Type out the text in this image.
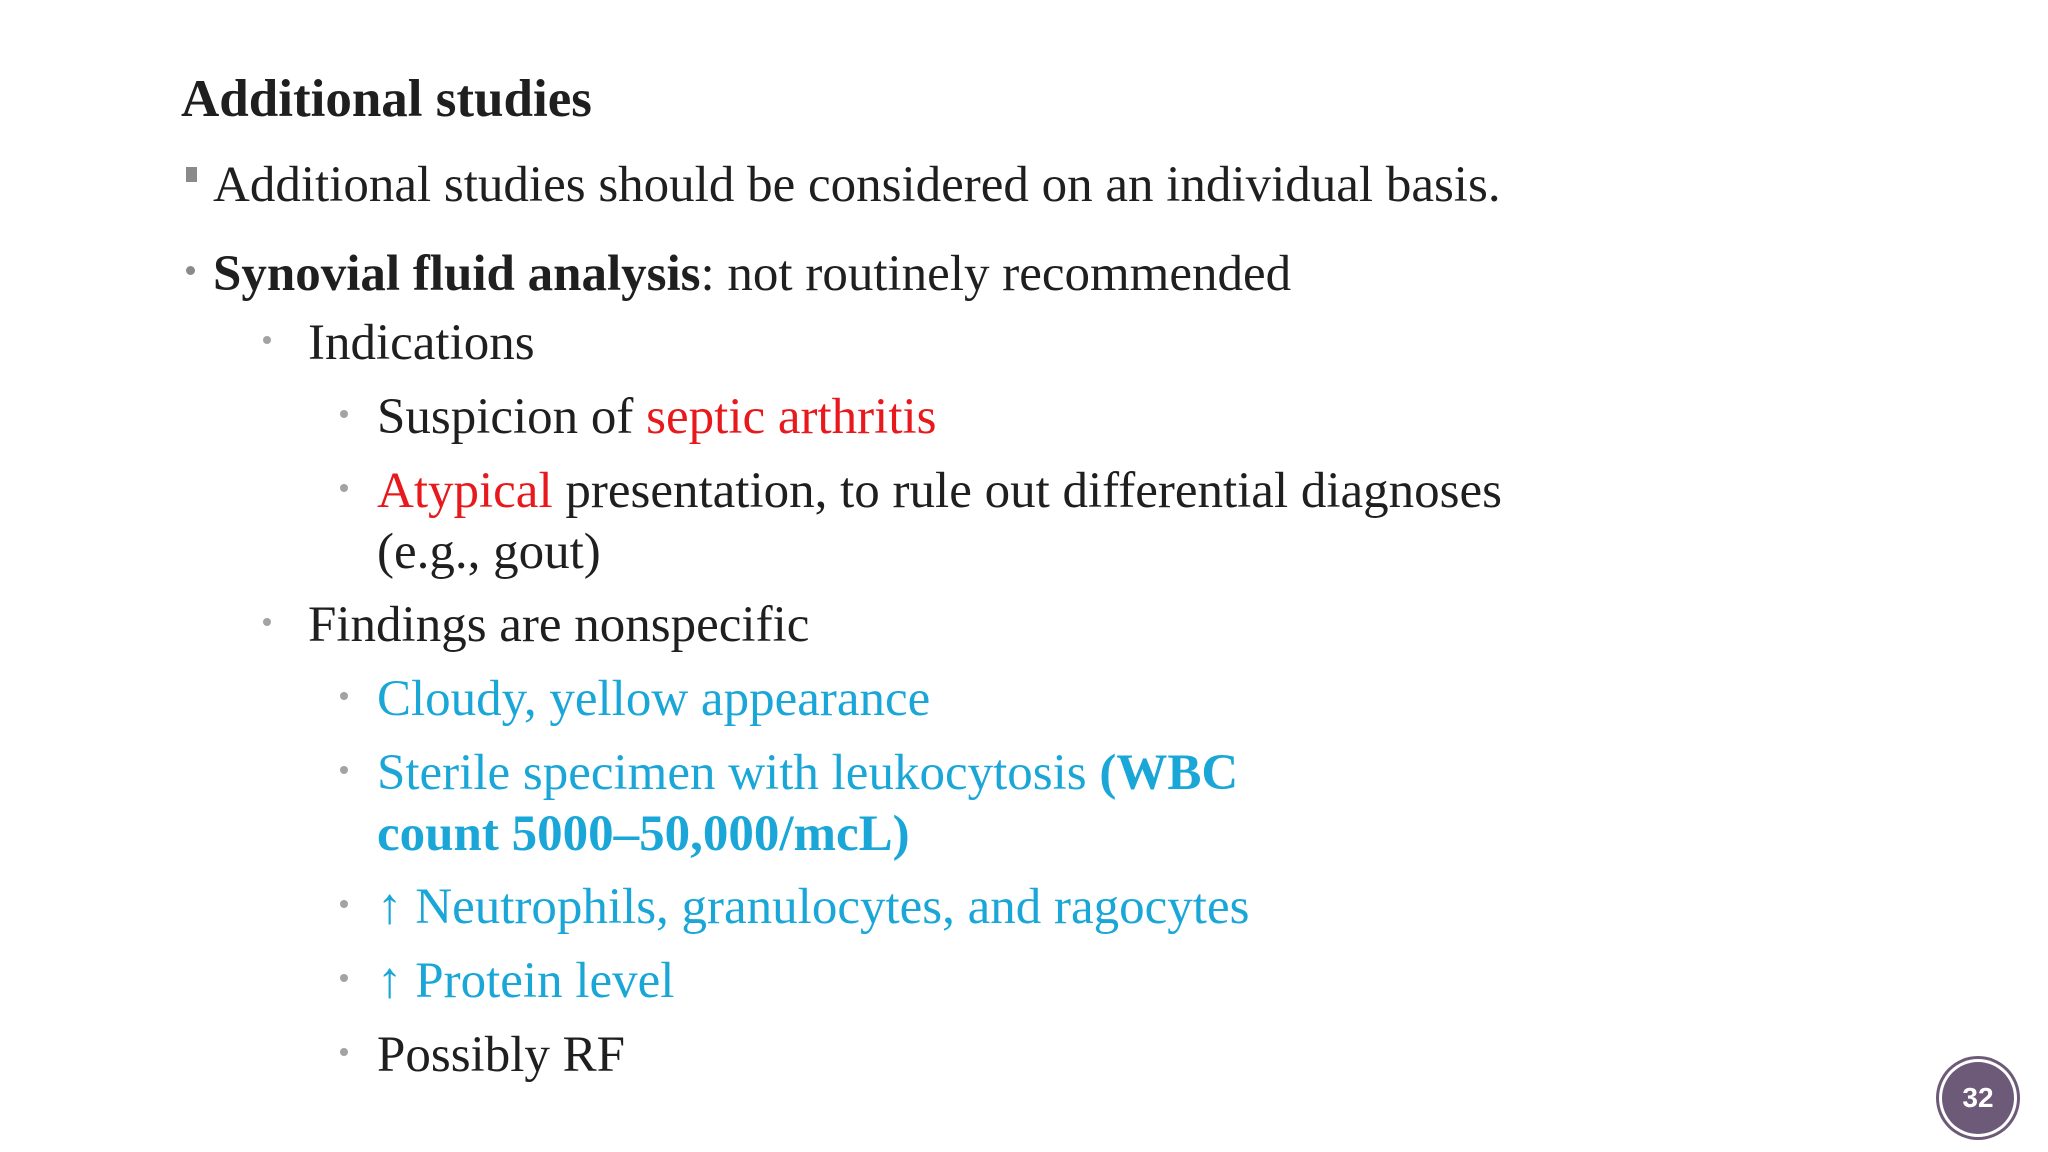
Additional studies
Additional studies should be considered on an individual basis.
Synovial fluid analysis: not routinely recommended
Indications
Suspicion of septic arthritis
Atypical presentation, to rule out differential diagnoses
(e.g., gout)
Findings are nonspecific
Cloudy, yellow appearance
Sterile specimen with leukocytosis (WBC
count 5000–50,000/mcL)
↑ Neutrophils, granulocytes, and ragocytes
↑ Protein level
Possibly RF
32
